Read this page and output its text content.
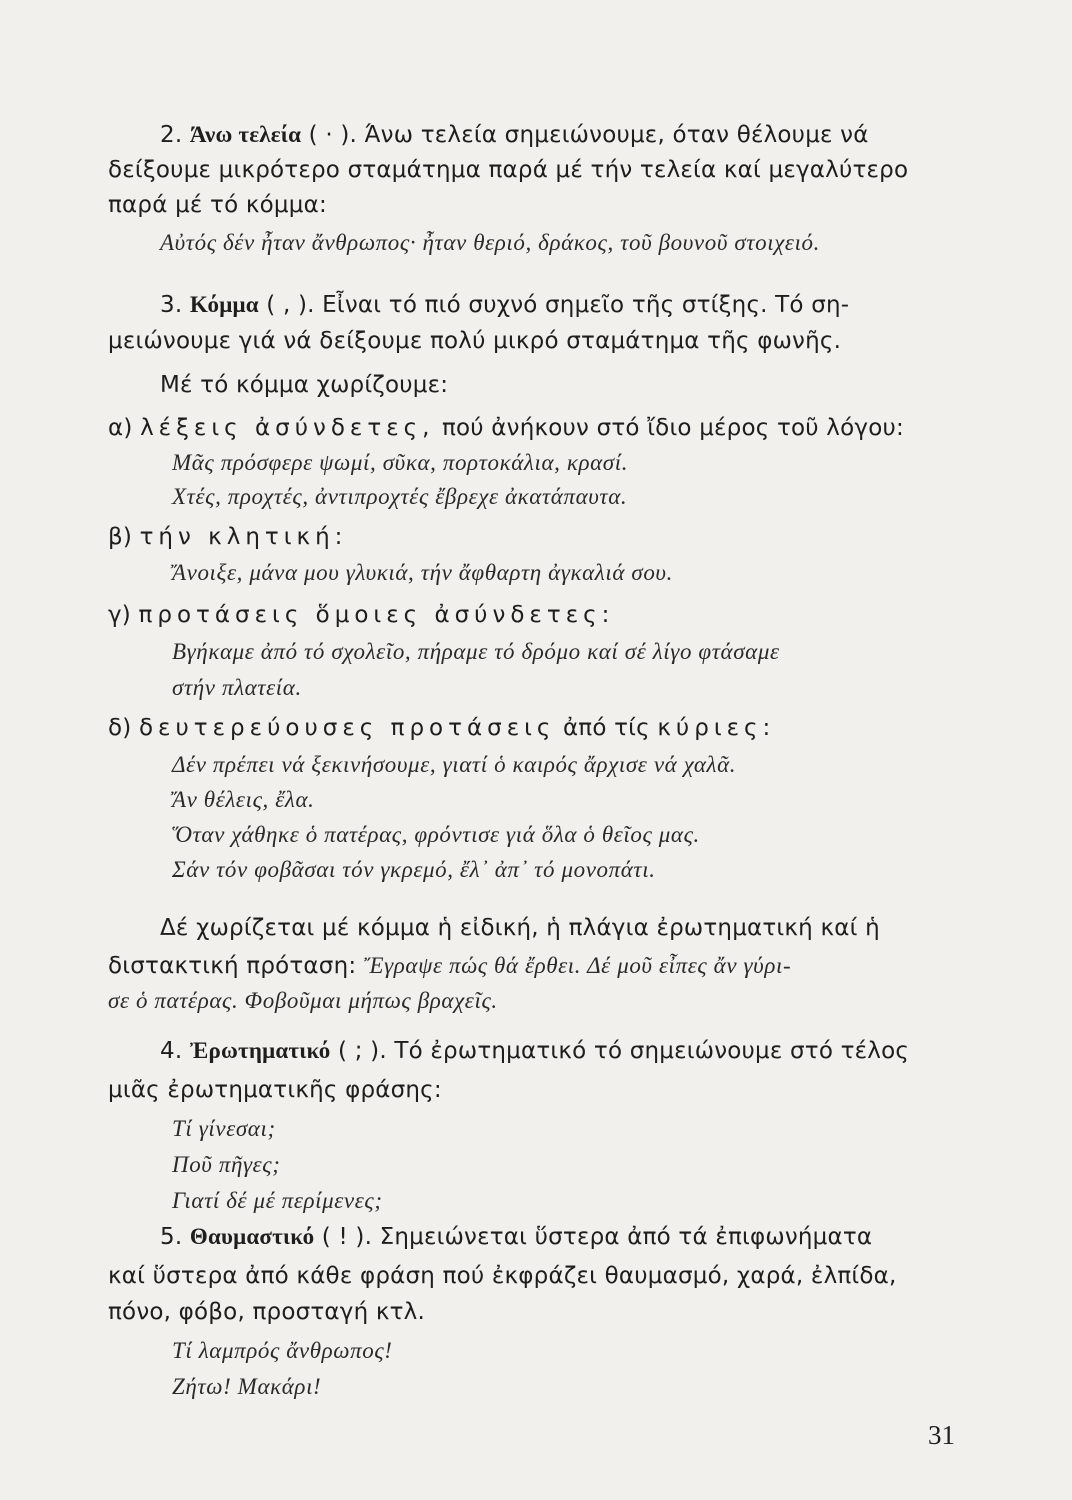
2. Άνω τελεία ( · ). Άνω τελεία σημειώνουμε, όταν θέλουμε νά
δείξουμε μικρότερο σταμάτημα παρά μέ τήν τελεία καί μεγαλύτερο
παρά μέ τό κόμμα:
Αὐτός δέν ἦταν ἄνθρωπος· ἦταν θεριό, δράκος, τοῦ βουνοῦ στοιχειό.
3. Κόμμα ( , ). Εἶναι τό πιό συχνό σημεῖο τῆς στίξης. Τό ση-
μειώνουμε γιά νά δείξουμε πολύ μικρό σταμάτημα τῆς φωνῆς.
Μέ τό κόμμα χωρίζουμε:
α) λέξεις ἀσύνδετες, πού ἀνήκουν στό ἴδιο μέρος τοῦ λόγου:
Μᾶς πρόσφερε ψωμί, σῦκα, πορτοκάλια, κρασί.
Χτές, προχτές, ἀντιπροχτές ἔβρεχε ἀκατάπαυτα.
β) τήν κλητική:
Ἄνοιξε, μάνα μου γλυκιά, τήν ἄφθαρτη ἀγκαλιά σου.
γ) προτάσεις ὅμοιες ἀσύνδετες:
Βγήκαμε ἀπό τό σχολεῖο, πήραμε τό δρόμο καί σέ λίγο φτάσαμε
στήν πλατεία.
δ) δευτερεύουσες προτάσεις ἀπό τίς κύριες:
Δέν πρέπει νά ξεκινήσουμε, γιατί ὁ καιρός ἄρχισε νά χαλᾶ.
Ἄν θέλεις, ἔλα.
Ὅταν χάθηκε ὁ πατέρας, φρόντισε γιά ὅλα ὁ θεῖος μας.
Σάν τόν φοβᾶσαι τόν γκρεμό, ἔλ᾽ ἀπ᾽ τό μονοπάτι.
Δέ χωρίζεται μέ κόμμα ἡ εἰδική, ἡ πλάγια ἐρωτηματική καί ἡ
διστακτική πρόταση: Ἔγραψε πώς θά ἔρθει. Δέ μοῦ εἶπες ἄν γύρι-
σε ὁ πατέρας. Φοβοῦμαι μήπως βραχεῖς.
4. Ἐρωτηματικό ( ; ). Τό ἐρωτηματικό τό σημειώνουμε στό τέλος
μιᾶς ἐρωτηματικῆς φράσης:
Τί γίνεσαι;
Ποῦ πῆγες;
Γιατί δέ μέ περίμενες;
5. Θαυμαστικό ( ! ). Σημειώνεται ὕστερα ἀπό τά ἐπιφωνήματα
καί ὕστερα ἀπό κάθε φράση πού ἐκφράζει θαυμασμό, χαρά, ἐλπίδα,
πόνο, φόβο, προσταγή κτλ.
Τί λαμπρός ἄνθρωπος!
Ζήτω! Μακάρι!
31
